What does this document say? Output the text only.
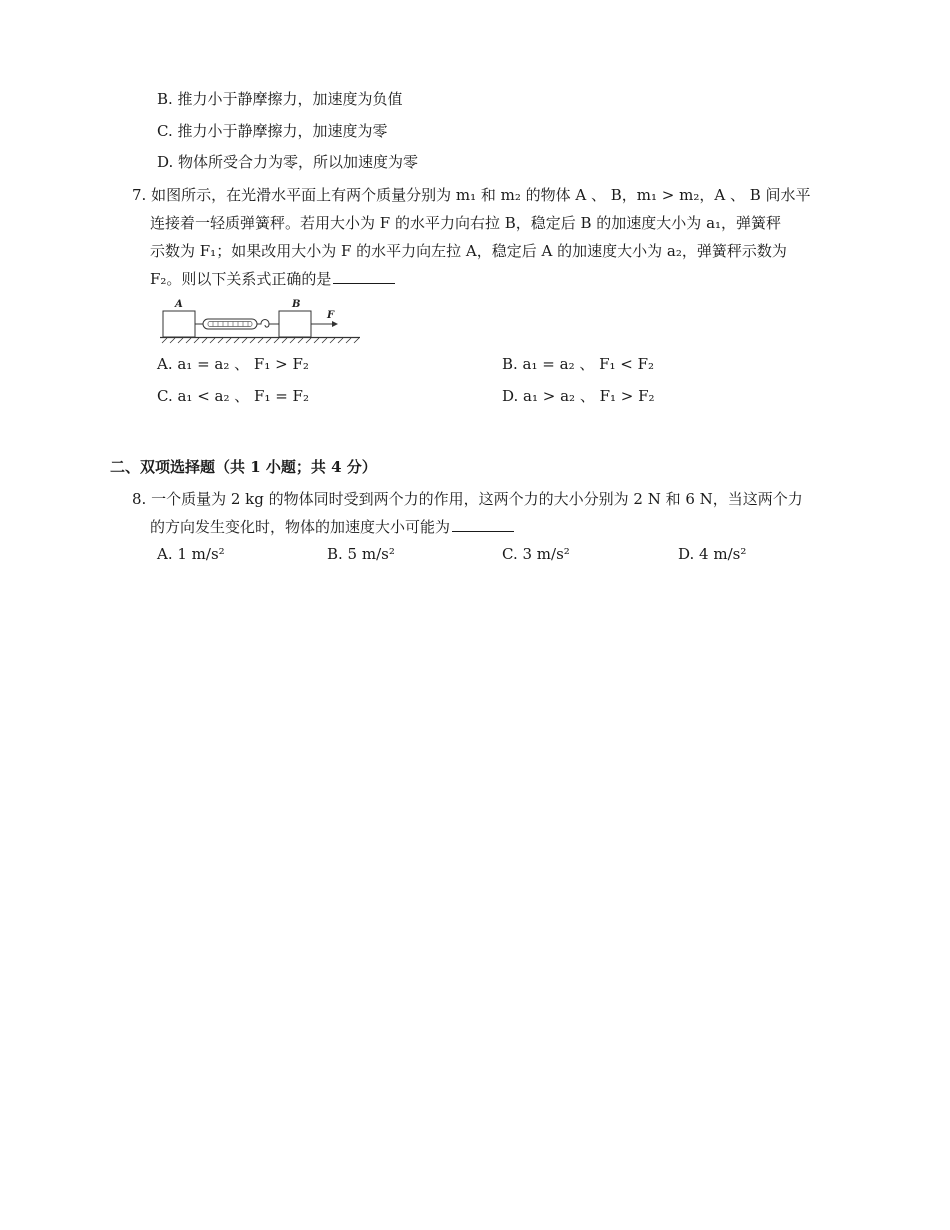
B. 推力小于静摩擦力，加速度为负值
C. 推力小于静摩擦力，加速度为零
D. 物体所受合力为零，所以加速度为零
7. 如图所示，在光滑水平面上有两个质量分别为 m₁ 和 m₂ 的物体 A 、 B，m₁ > m₂，A 、 B 间水平
连接着一轻质弹簧秤。若用大小为 F 的水平力向右拉 B，稳定后 B 的加速度大小为 a₁，弹簧秤
示数为 F₁；如果改用大小为 F 的水平力向左拉 A，稳定后 A 的加速度大小为 a₂，弹簧秤示数为
F₂。则以下关系式正确的是
A	B
F
A. a₁ = a₂ 、 F₁ > F₂	B. a₁ = a₂ 、 F₁ < F₂
C. a₁ < a₂ 、 F₁ = F₂	D. a₁ > a₂ 、 F₁ > F₂
二、双项选择题（共 1 小题；共 4 分）
8. 一个质量为 2 kg 的物体同时受到两个力的作用，这两个力的大小分别为 2 N 和 6 N，当这两个力
的方向发生变化时，物体的加速度大小可能为
A. 1 m/s²	B. 5 m/s²	C. 3 m/s²	D. 4 m/s²
